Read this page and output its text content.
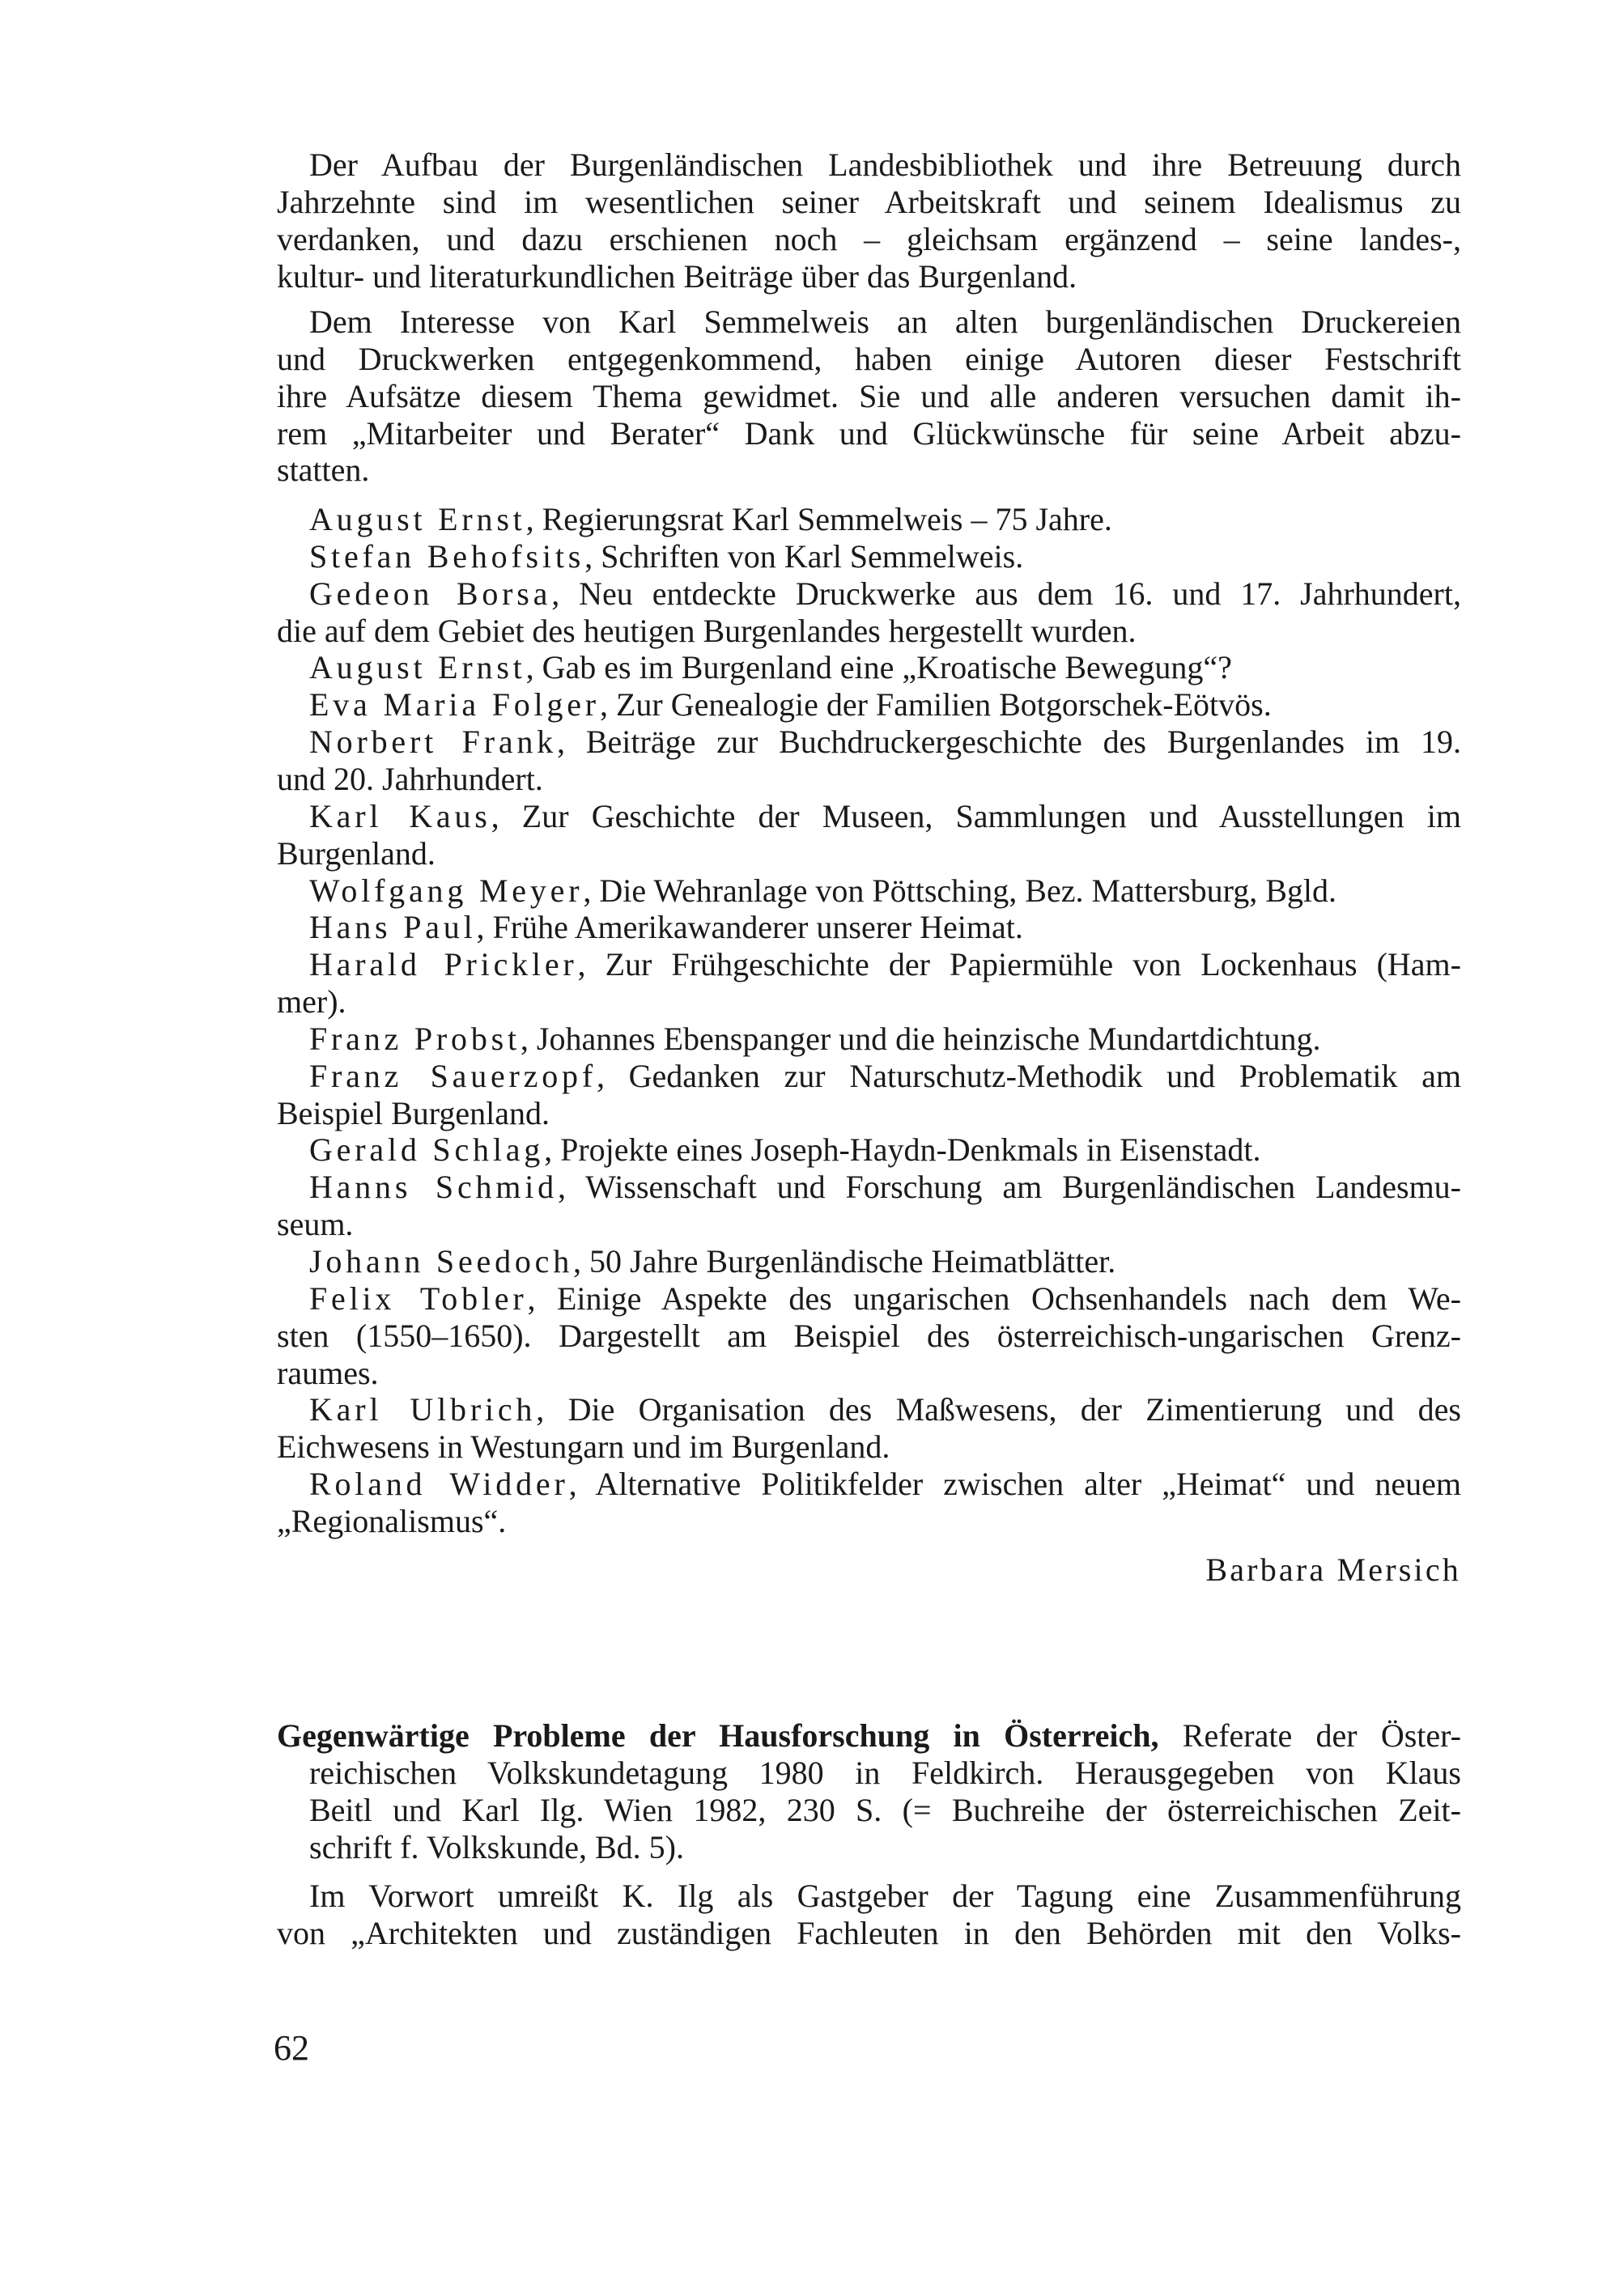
Der Aufbau der Burgenländischen Landesbibliothek und ihre Betreuung durch
Jahrzehnte sind im wesentlichen seiner Arbeitskraft und seinem Idealismus zu
verdanken, und dazu erschienen noch – gleichsam ergänzend – seine landes-,
kultur- und literaturkundlichen Beiträge über das Burgenland.
Dem Interesse von Karl Semmelweis an alten burgenländischen Druckereien
und Druckwerken entgegenkommend, haben einige Autoren dieser Festschrift
ihre Aufsätze diesem Thema gewidmet. Sie und alle anderen versuchen damit ih-
rem „Mitarbeiter und Berater“ Dank und Glückwünsche für seine Arbeit abzu-
statten.
August Ernst, Regierungsrat Karl Semmelweis – 75 Jahre.
Stefan Behofsits, Schriften von Karl Semmelweis.
Gedeon Borsa, Neu entdeckte Druckwerke aus dem 16. und 17. Jahrhundert,
die auf dem Gebiet des heutigen Burgenlandes hergestellt wurden.
August Ernst, Gab es im Burgenland eine „Kroatische Bewegung“?
Eva Maria Folger, Zur Genealogie der Familien Botgorschek-Eötvös.
Norbert Frank, Beiträge zur Buchdruckergeschichte des Burgenlandes im 19.
und 20. Jahrhundert.
Karl Kaus, Zur Geschichte der Museen, Sammlungen und Ausstellungen im
Burgenland.
Wolfgang Meyer, Die Wehranlage von Pöttsching, Bez. Mattersburg, Bgld.
Hans Paul, Frühe Amerikawanderer unserer Heimat.
Harald Prickler, Zur Frühgeschichte der Papiermühle von Lockenhaus (Ham-
mer).
Franz Probst, Johannes Ebenspanger und die heinzische Mundartdichtung.
Franz Sauerzopf, Gedanken zur Naturschutz-Methodik und Problematik am
Beispiel Burgenland.
Gerald Schlag, Projekte eines Joseph-Haydn-Denkmals in Eisenstadt.
Hanns Schmid, Wissenschaft und Forschung am Burgenländischen Landesmu-
seum.
Johann Seedoch, 50 Jahre Burgenländische Heimatblätter.
Felix Tobler, Einige Aspekte des ungarischen Ochsenhandels nach dem We-
sten (1550–1650). Dargestellt am Beispiel des österreichisch-ungarischen Grenz-
raumes.
Karl Ulbrich, Die Organisation des Maßwesens, der Zimentierung und des
Eichwesens in Westungarn und im Burgenland.
Roland Widder, Alternative Politikfelder zwischen alter „Heimat“ und neuem
„Regionalismus“.
Gegenwärtige Probleme der Hausforschung in Österreich, Referate der Öster-
reichischen Volkskundetagung 1980 in Feldkirch. Herausgegeben von Klaus
Beitl und Karl Ilg. Wien 1982, 230 S. (= Buchreihe der österreichischen Zeit-
schrift f. Volkskunde, Bd. 5).
Im Vorwort umreißt K. Ilg als Gastgeber der Tagung eine Zusammenführung
von „Architekten und zuständigen Fachleuten in den Behörden mit den Volks-
Barbara Mersich
62
